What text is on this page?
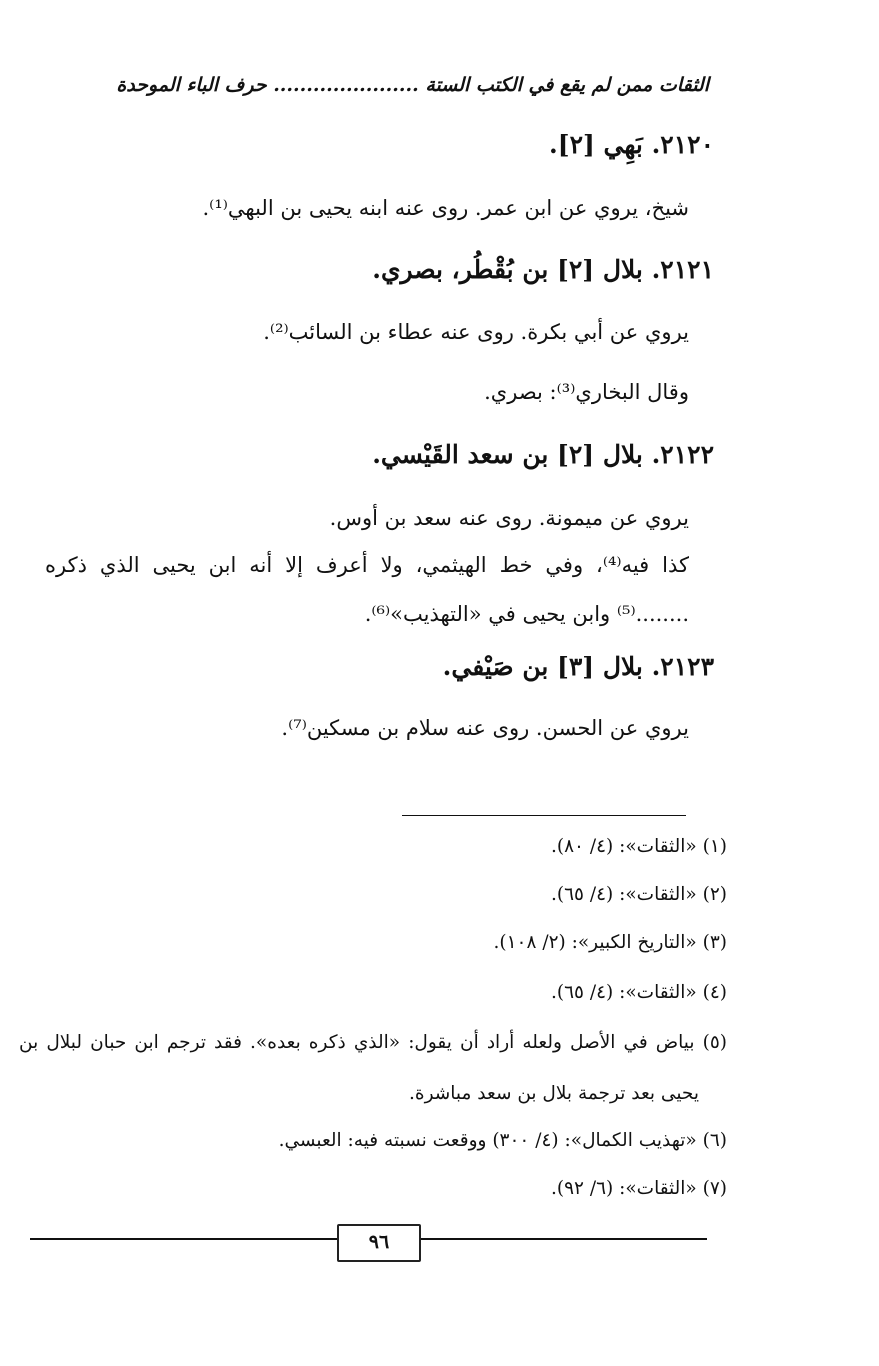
الثقات ممن لم يقع في الكتب الستة ...................... حرف الباء الموحدة
٢١٢٠. بَهِي [٢].
شيخ، يروي عن ابن عمر. روى عنه ابنه يحيى بن البهي⁽¹⁾.
٢١٢١. بلال [٢] بن بُقْطُر، بصري.
يروي عن أبي بكرة. روى عنه عطاء بن السائب⁽²⁾.
وقال البخاري⁽³⁾: بصري.
٢١٢٢. بلال [٢] بن سعد القَيْسي.
يروي عن ميمونة. روى عنه سعد بن أوس.
كذا فيه⁽⁴⁾، وفي خط الهيثمي، ولا أعرف إلا أنه ابن يحيى الذي ذكره
........⁽⁵⁾ وابن يحيى في «التهذيب»⁽⁶⁾.
٢١٢٣. بلال [٣] بن صَيْفي.
يروي عن الحسن. روى عنه سلام بن مسكين⁽⁷⁾.
(١) «الثقات»: (٤/ ٨٠).
(٢) «الثقات»: (٤/ ٦٥).
(٣) «التاريخ الكبير»: (٢/ ١٠٨).
(٤) «الثقات»: (٤/ ٦٥).
(٥) بياض في الأصل ولعله أراد أن يقول: «الذي ذكره بعده». فقد ترجم ابن حبان لبلال بن
يحيى بعد ترجمة بلال بن سعد مباشرة.
(٦) «تهذيب الكمال»: (٤/ ٣٠٠) ووقعت نسبته فيه: العبسي.
(٧) «الثقات»: (٦/ ٩٢).
٩٦
